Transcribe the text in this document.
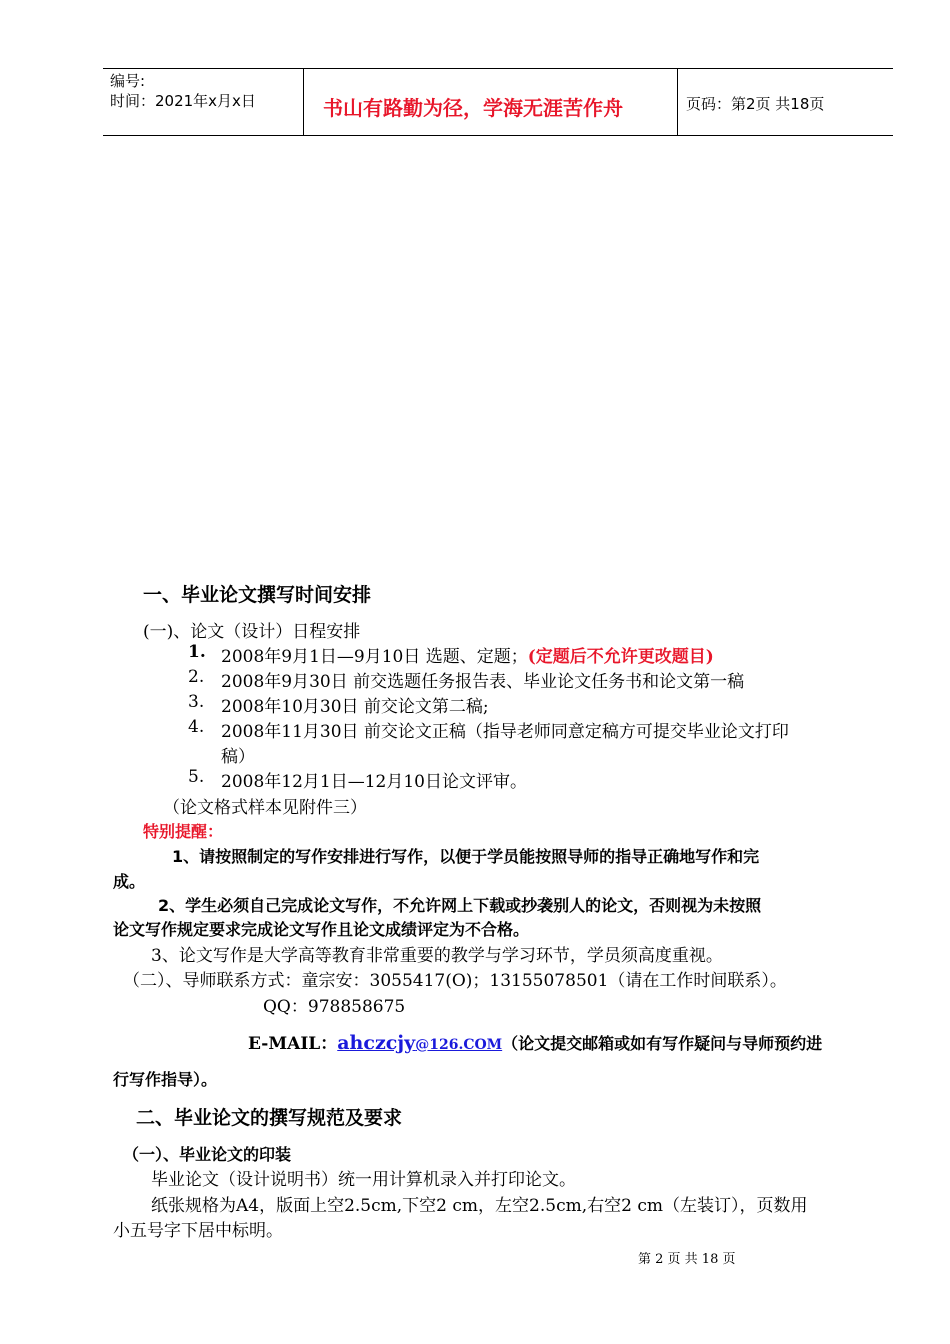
编号:
时间：2021年x月x日	书山有路勤为径，学海无涯苦作舟	页码：第2页 共18页
一、毕业论文撰写时间安排
(一)、论文（设计）日程安排
1. 2008年9月1日—9月10日 选题、定题；(定题后不允许更改题目)
2. 2008年9月30日 前交选题任务报告表、毕业论文任务书和论文第一稿
3. 2008年10月30日 前交论文第二稿;
4. 2008年11月30日 前交论文正稿（指导老师同意定稿方可提交毕业论文打印
稿）
5. 2008年12月1日—12月10日论文评审。
（论文格式样本见附件三）
特别提醒：
1、请按照制定的写作安排进行写作，以便于学员能按照导师的指导正确地写作和完
成。
2、学生必须自己完成论文写作，不允许网上下载或抄袭别人的论文，否则视为未按照
论文写作规定要求完成论文写作且论文成绩评定为不合格。
3、论文写作是大学高等教育非常重要的教学与学习环节，学员须高度重视。
（二）、导师联系方式：童宗安：3055417(O)；13155078501（请在工作时间联系）。
QQ：978858675
E-MAIL：ahczcjy@126.COM（论文提交邮箱或如有写作疑问与导师预约进
行写作指导）。
二、毕业论文的撰写规范及要求
（一）、毕业论文的印装
毕业论文（设计说明书）统一用计算机录入并打印论文。
纸张规格为A4，版面上空2.5cm,下空2 cm，左空2.5cm,右空2 cm（左装订），页数用
小五号字下居中标明。
第 2 页 共 18 页
